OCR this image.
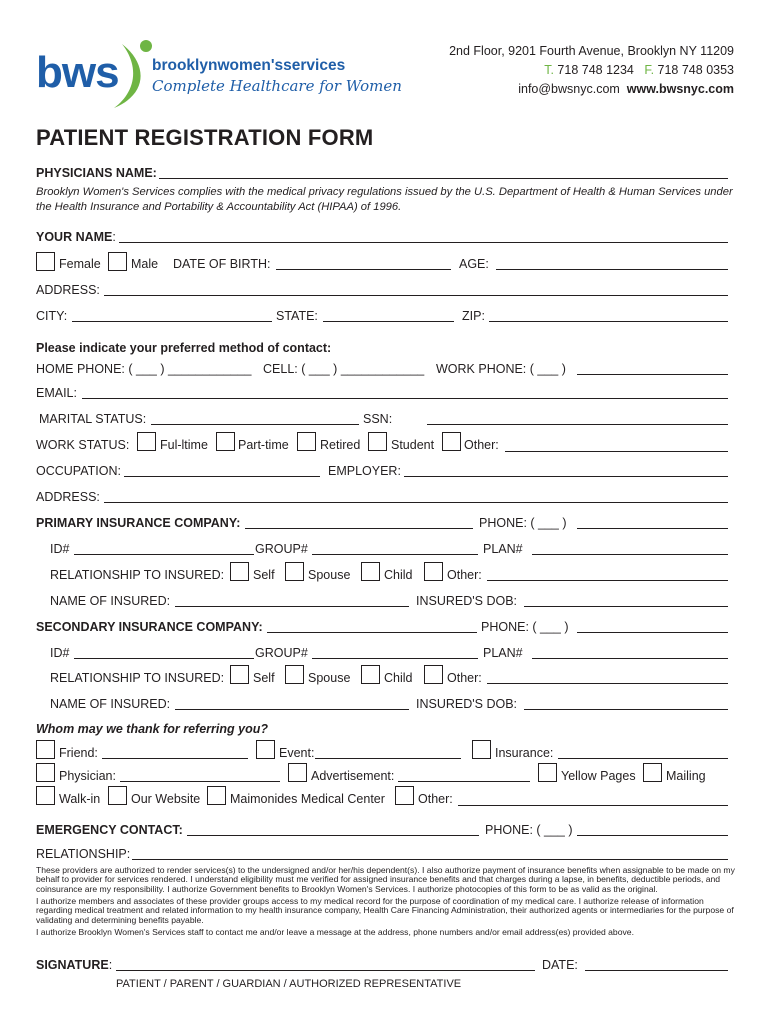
bws brooklynwomen'sservices
Complete Healthcare for Women
2nd Floor, 9201 Fourth Avenue, Brooklyn NY 11209
T. 718 748 1234 F. 718 748 0353
info@bwsnyc.com www.bwsnyc.com
PATIENT REGISTRATION FORM
PHYSICIANS NAME:
Brooklyn Women's Services complies with the medical privacy regulations issued by the U.S. Department of Health & Human Services under the Health Insurance and Portability & Accountability Act (HIPAA) of 1996.
YOUR NAME:
Female Male DATE OF BIRTH:	AGE:
ADDRESS:
CITY:	STATE:	ZIP:
Please indicate your preferred method of contact:
HOME PHONE: ( ___ ) ____________ CELL: ( ___ ) ____________ WORK PHONE: ( ___ )
EMAIL:
MARITAL STATUS:	SSN:
WORK STATUS: Ful-ltime Part-time	Retired Student Other:
OCCUPATION:	EMPLOYER:
ADDRESS:
PRIMARY INSURANCE COMPANY:	PHONE: ( ___ )
ID#	GROUP#	PLAN#
RELATIONSHIP TO INSURED: Self	Spouse	Child	Other:
NAME OF INSURED:	INSURED'S DOB:
SECONDARY INSURANCE COMPANY:	PHONE: ( ___ )
ID#	GROUP#	PLAN#
RELATIONSHIP TO INSURED: Self	Spouse	Child	Other:
NAME OF INSURED:	INSURED'S DOB:
Whom may we thank for referring you?
Friend:	Event:	Insurance:
Physician:	Advertisement:	Yellow Pages Mailing
Walk-in Our Website Maimonides Medical Center	Other:
EMERGENCY CONTACT:	PHONE: ( ___ )
RELATIONSHIP:
These providers are authorized to render services(s) to the undersigned and/or her/his dependent(s). I also authorize payment of insurance benefits when assignable to be made on my behalf to provider for services rendered. I understand eligibility must me verified for assigned insurance benefits and that charges during a lapse, in benefits, deductible periods, and coinsurance are my responsibility. I authorize Government benefits to Brooklyn Women's Services. I authorize photocopies of this form to be as valid as the original.
I authorize members and associates of these provider groups access to my medical record for the purpose of coordination of my medical care. I authorize release of information regarding medical treatment and related information to my health insurance company, Health Care Financing Administration, their authorized agents or intermediaries for the purpose of validating and determining benefits payable.
I authorize Brooklyn Women's Services staff to contact me and/or leave a message at the address, phone numbers and/or email address(es) provided above.
SIGNATURE:	DATE:
PATIENT / PARENT / GUARDIAN / AUTHORIZED REPRESENTATIVE
